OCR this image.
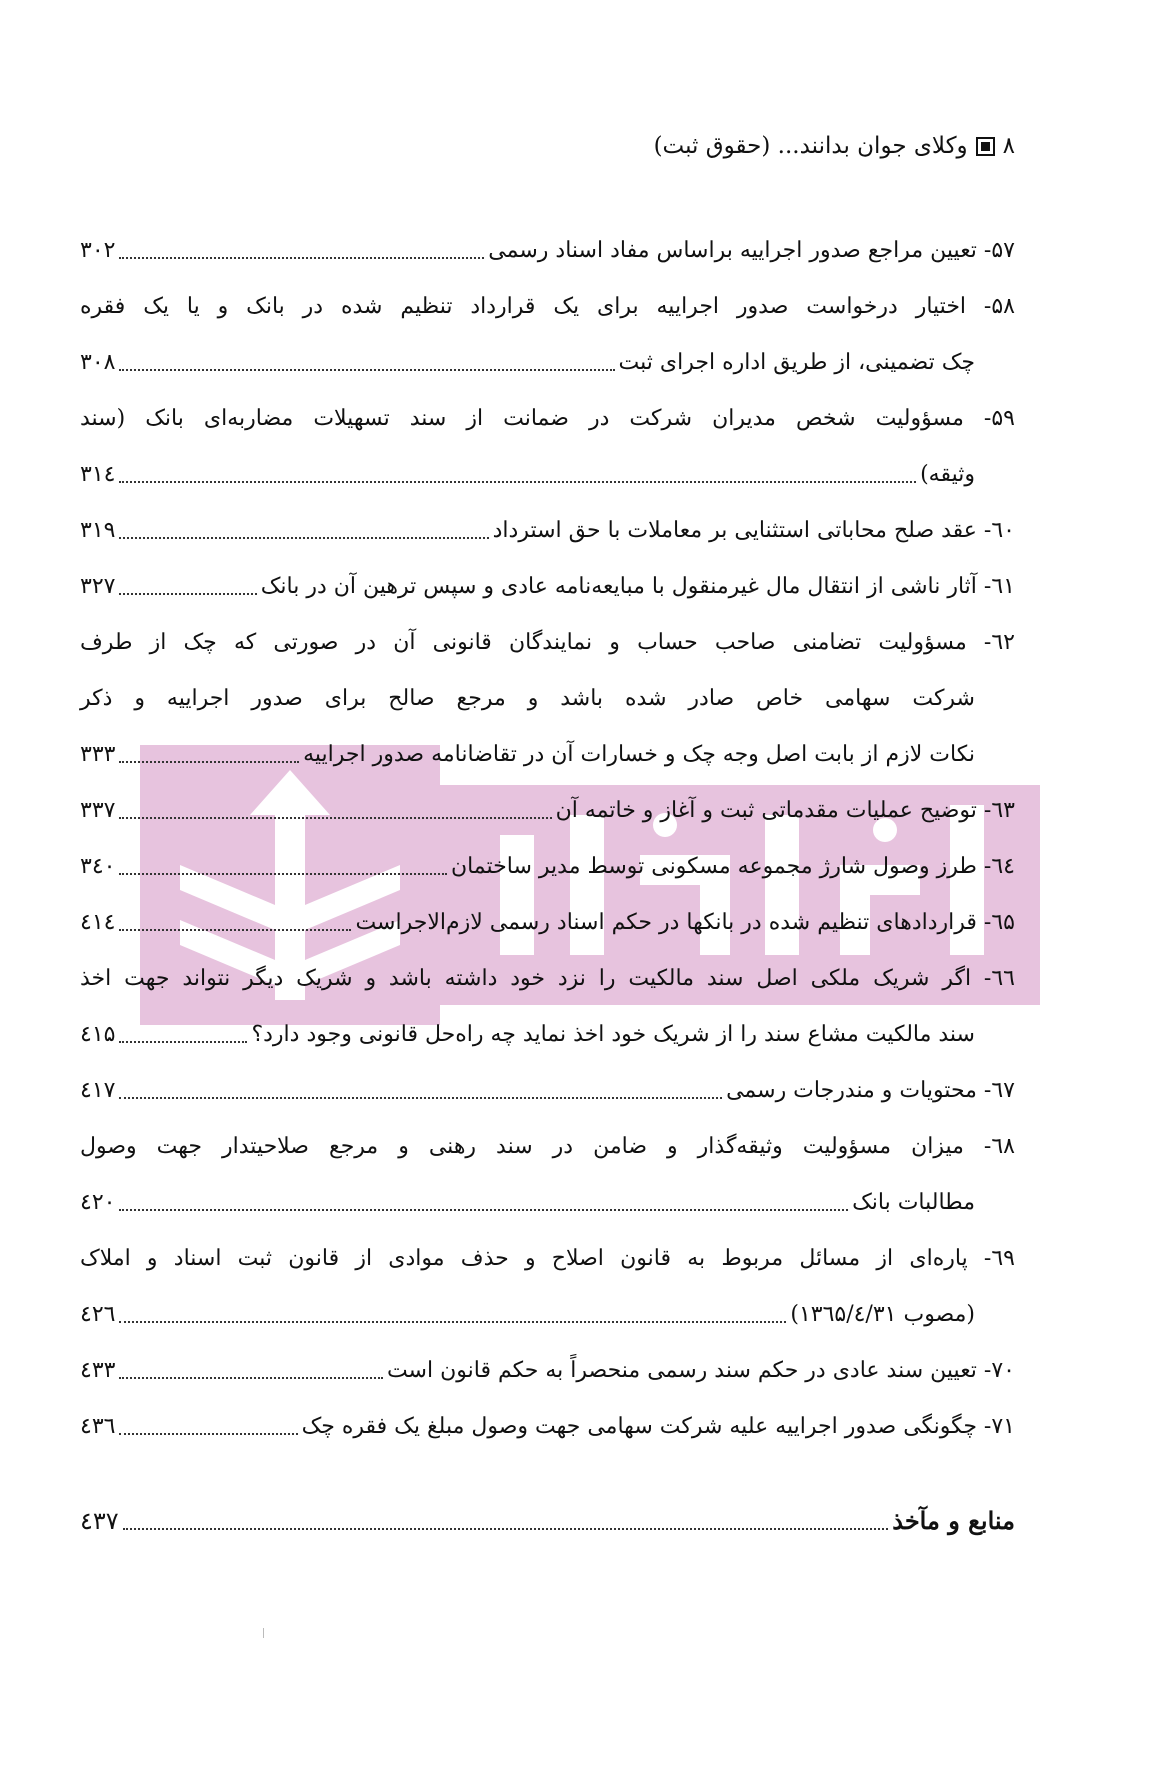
۸
وکلای جوان بدانند... (حقوق ثبت)
۵۷- تعیین مراجع صدور اجراییه براساس مفاد اسناد رسمی
۳۰۲
۵۸- اختیار درخواست صدور اجراییه برای یک قرارداد تنظیم شده در بانک و یا یک فقره
چک تضمینی، از طریق اداره اجرای ثبت
۳۰۸
۵۹- مسؤولیت شخص مدیران شرکت در ضمانت از سند تسهیلات مضاربه‌ای بانک (سند
وثیقه)
۳۱٤
٦۰- عقد صلح محاباتی استثنایی بر معاملات با حق استرداد
۳۱۹
٦۱- آثار ناشی از انتقال مال غیرمنقول با مبایعه‌نامه عادی و سپس ترهین آن در بانک
۳۲۷
٦۲- مسؤولیت تضامنی صاحب حساب و نمایندگان قانونی آن در صورتی که چک از طرف
شرکت سهامی خاص صادر شده باشد و مرجع صالح برای صدور اجراییه و ذکر
نکات لازم از بابت اصل وجه چک و خسارات آن در تقاضانامه صدور اجراییه
۳۳۳
٦۳- توضیح عملیات مقدماتی ثبت و آغاز و خاتمه آن
۳۳۷
٦٤- طرز وصول شارژ مجموعه مسکونی توسط مدیر ساختمان
۳٤۰
٦۵- قراردادهای تنظیم شده در بانکها در حکم اسناد رسمی لازم‌الاجراست
٤۱٤
٦٦- اگر شریک ملکی اصل سند مالکیت را نزد خود داشته باشد و شریک دیگر نتواند جهت اخذ
سند مالکیت مشاع سند را از شریک خود اخذ نماید چه راه‌حل قانونی وجود دارد؟
٤۱۵
٦۷- محتویات و مندرجات رسمی
٤۱۷
٦۸- میزان مسؤولیت وثیقه‌گذار و ضامن در سند رهنی و مرجع صلاحیتدار جهت وصول
مطالبات بانک
٤۲۰
٦۹- پاره‌ای از مسائل مربوط به قانون اصلاح و حذف موادی از قانون ثبت اسناد و املاک
(مصوب ۱۳٦۵/٤/۳۱)
٤۲٦
۷۰- تعیین سند عادی در حکم سند رسمی منحصراً به حکم قانون است
٤۳۳
۷۱- چگونگی صدور اجراییه علیه شرکت سهامی جهت وصول مبلغ یک فقره چک
٤۳٦
منابع و مآخذ
٤۳۷
